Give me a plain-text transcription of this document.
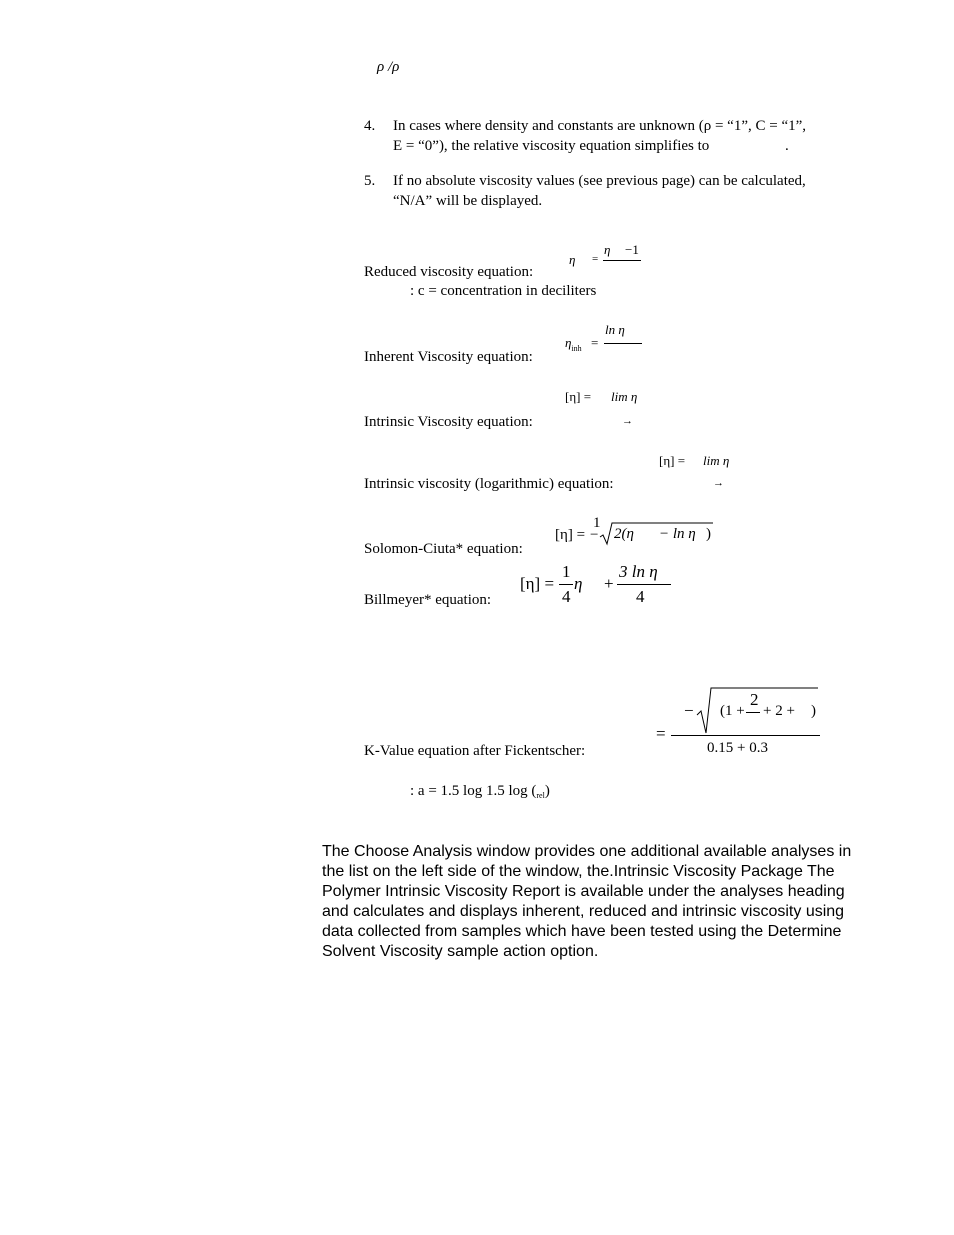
ρ /ρ
4. In cases where density and constants are unknown (ρ = “1”, C = “1”,
E = “0”), the relative viscosity equation simplifies to	.
5. If no absolute viscosity values (see previous page) can be calculated,
“N/A” will be displayed.
Reduced viscosity equation:
η =
η −1
: c = concentration in deciliters
Inherent Viscosity equation:
$\eta_{inh}$ =
ln η
[η] = lim η
Intrinsic Viscosity equation:	→
[η] = lim η
Intrinsic viscosity (logarithmic) equation:	→
Solomon-Ciuta* equation:
[η] =
1
− 2(η − ln η )
Billmeyer* equation:
[η] =
1
4
η +
3 ln η
4
K-Value equation after Fickentscher:
=
− (1 +
2
+ 2 + )
0.15 + 0.3
: a = 1.5 log 1.5 $\log (_{rel})$
The Choose Analysis window provides one additional available analyses in the list on the left side of the window, the.Intrinsic Viscosity Package The Polymer Intrinsic Viscosity Report is available under the analyses heading and calculates and displays inherent, reduced and intrinsic viscosity using data collected from samples which have been tested using the Determine Solvent Viscosity sample action option.
